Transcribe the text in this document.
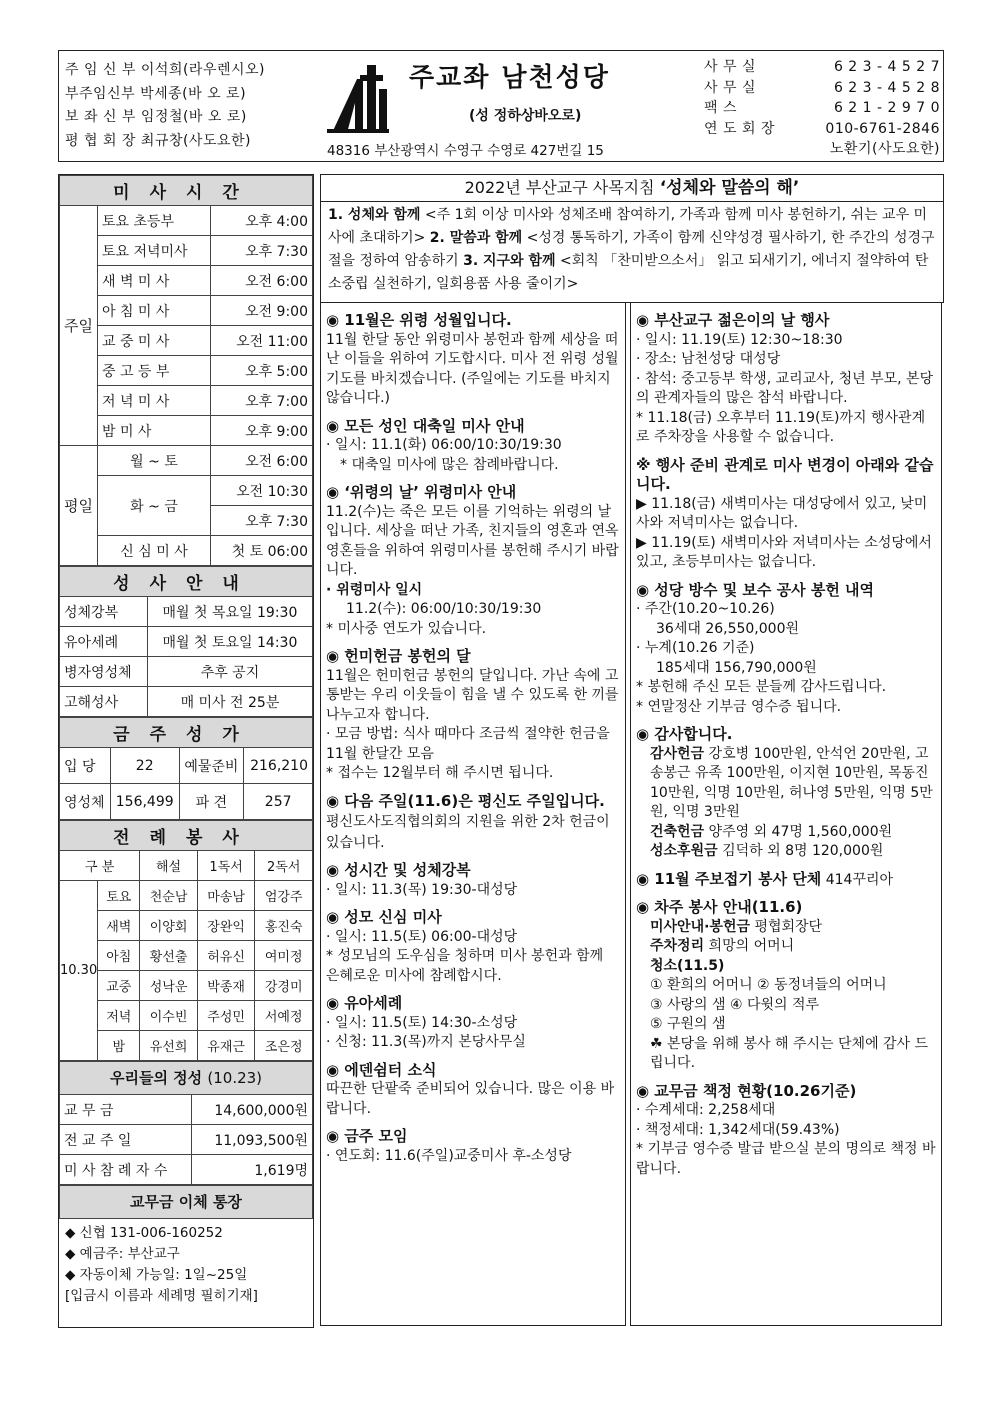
주 임 신 부 이석희(라우렌시오)
부주임신부 박세종(바 오 로)
보 좌 신 부 임정철(바 오 로)
평 협 회 장 최규창(사도요한)
주교좌 남천성당
(성 정하상바오로)
48316 부산광역시 수영구 수영로 427번길 15
사 무 실	6 2 3 - 4 5 2 7
사 무 실	6 2 3 - 4 5 2 8
팩 스	6 2 1 - 2 9 7 0
연 도 회 장	010-6761-2846
노환기(사도요한)
미사시간		
주일	토요 초등부	오후 4:00
	토요 저녁미사	오후 7:30
	새 벽 미 사	오전 6:00
	아 침 미 사	오전 9:00
	교 중 미 사	오전 11:00
	중 고 등 부	오후 5:00
	저 녁 미 사	오후 7:00
	밤 미 사	오후 9:00
평일	월 ~ 토	오전 6:00
	화 ~ 금	오전 10:30
		오후 7:30
	신 심 미 사	첫 토 06:00
성사안내	
성체강복	매월 첫 목요일 19:30
유아세례	매월 첫 토요일 14:30
병자영성체	추후 공지
고해성사	매 미사 전 25분
금주성가			
입 당	22	예물준비	216,210
영성체	156,499	파 견	257
전례봉사				
구 분		해설	1독서	2독서
10.30	토요	천순남	마송남	엄강주
	새벽	이양회	장완익	홍진숙
	아침	황선출	허유신	여미정
	교중	성낙운	박종재	강경미
	저녁	이수빈	주성민	서예정
	밤	유선희	유재근	조은정
우리들의 정성 (10.23)	
교 무 금	14,600,000원
전 교 주 일	11,093,500원
미 사 참 례 자 수	1,619명
교무금 이체 통장
◆ 신협 131-006-160252
◆ 예금주: 부산교구
◆ 자동이체 가능일: 1일~25일
[입금시 이름과 세례명 필히기재]
2022년 부산교구 사목지침 ‘성체와 말씀의 해’
1. 성체와 함께 <주 1회 이상 미사와 성체조배 참여하기, 가족과 함께 미사 봉헌하기, 쉬는 교우 미사에 초대하기> 2. 말씀과 함께 <성경 통독하기, 가족이 함께 신약성경 필사하기, 한 주간의 성경구절을 정하여 암송하기 3. 지구와 함께 <회칙 「찬미받으소서」 읽고 되새기기, 에너지 절약하여 탄소중립 실천하기, 일회용품 사용 줄이기>
◉ 11월은 위령 성월입니다.
11월 한달 동안 위령미사 봉헌과 함께 세상을 떠난 이들을 위하여 기도합시다. 미사 전 위령 성월 기도를 바치겠습니다. (주일에는 기도를 바치지 않습니다.)
◉ 모든 성인 대축일 미사 안내
· 일시: 11.1(화) 06:00/10:30/19:30
* 대축일 미사에 많은 참례바랍니다.
◉ ‘위령의 날’ 위령미사 안내
11.2(수)는 죽은 모든 이를 기억하는 위령의 날입니다. 세상을 떠난 가족, 친지들의 영혼과 연옥 영혼들을 위하여 위령미사를 봉헌해 주시기 바랍니다.
· 위령미사 일시
11.2(수): 06:00/10:30/19:30
* 미사중 연도가 있습니다.
◉ 헌미헌금 봉헌의 달
11월은 헌미헌금 봉헌의 달입니다. 가난 속에 고통받는 우리 이웃들이 힘을 낼 수 있도록 한 끼를 나누고자 합니다.
· 모금 방법: 식사 때마다 조금씩 절약한 헌금을 11월 한달간 모음
* 접수는 12월부터 해 주시면 됩니다.
◉ 다음 주일(11.6)은 평신도 주일입니다. 평신도사도직협의회의 지원을 위한 2차 헌금이 있습니다.
◉ 성시간 및 성체강복
· 일시: 11.3(목) 19:30-대성당
◉ 성모 신심 미사
· 일시: 11.5(토) 06:00-대성당
* 성모님의 도우심을 청하며 미사 봉헌과 함께 은혜로운 미사에 참례합시다.
◉ 유아세례
· 일시: 11.5(토) 14:30-소성당
· 신청: 11.3(목)까지 본당사무실
◉ 에덴쉼터 소식
따끈한 단팥죽 준비되어 있습니다. 많은 이용 바랍니다.
◉ 금주 모임
· 연도회: 11.6(주일)교중미사 후-소성당
◉ 부산교구 젊은이의 날 행사
· 일시: 11.19(토) 12:30~18:30
· 장소: 남천성당 대성당
· 참석: 중고등부 학생, 교리교사, 청년 부모, 본당의 관계자들의 많은 참석 바랍니다.
* 11.18(금) 오후부터 11.19(토)까지 행사관계로 주차장을 사용할 수 없습니다.
※ 행사 준비 관계로 미사 변경이 아래와 같습니다.
▶ 11.18(금) 새벽미사는 대성당에서 있고, 낮미사와 저녁미사는 없습니다.
▶ 11.19(토) 새벽미사와 저녁미사는 소성당에서 있고, 초등부미사는 없습니다.
◉ 성당 방수 및 보수 공사 봉헌 내역
· 주간(10.20~10.26)
36세대 26,550,000원
· 누계(10.26 기준)
185세대 156,790,000원
* 봉헌해 주신 모든 분들께 감사드립니다.
* 연말정산 기부금 영수증 됩니다.
◉ 감사합니다.
감사헌금 강호병 100만원, 안석언 20만원, 고 송봉근 유족 100만원, 이지현 10만원, 목동진 10만원, 익명 10만원, 허나영 5만원, 익명 5만원, 익명 3만원
건축헌금 양주영 외 47명 1,560,000원
성소후원금 김덕하 외 8명 120,000원
◉ 11월 주보접기 봉사 단체 414꾸리아
◉ 차주 봉사 안내(11.6)
미사안내·봉헌금 평협회장단
주차정리 희망의 어머니
청소(11.5)
① 환희의 어머니 ② 동정녀들의 어머니
③ 사랑의 샘 ④ 다윗의 적루
⑤ 구원의 샘
☘ 본당을 위해 봉사 해 주시는 단체에 감사 드립니다.
◉ 교무금 책정 현황(10.26기준)
· 수계세대: 2,258세대
· 책정세대: 1,342세대(59.43%)
* 기부금 영수증 발급 받으실 분의 명의로 책정 바랍니다.
